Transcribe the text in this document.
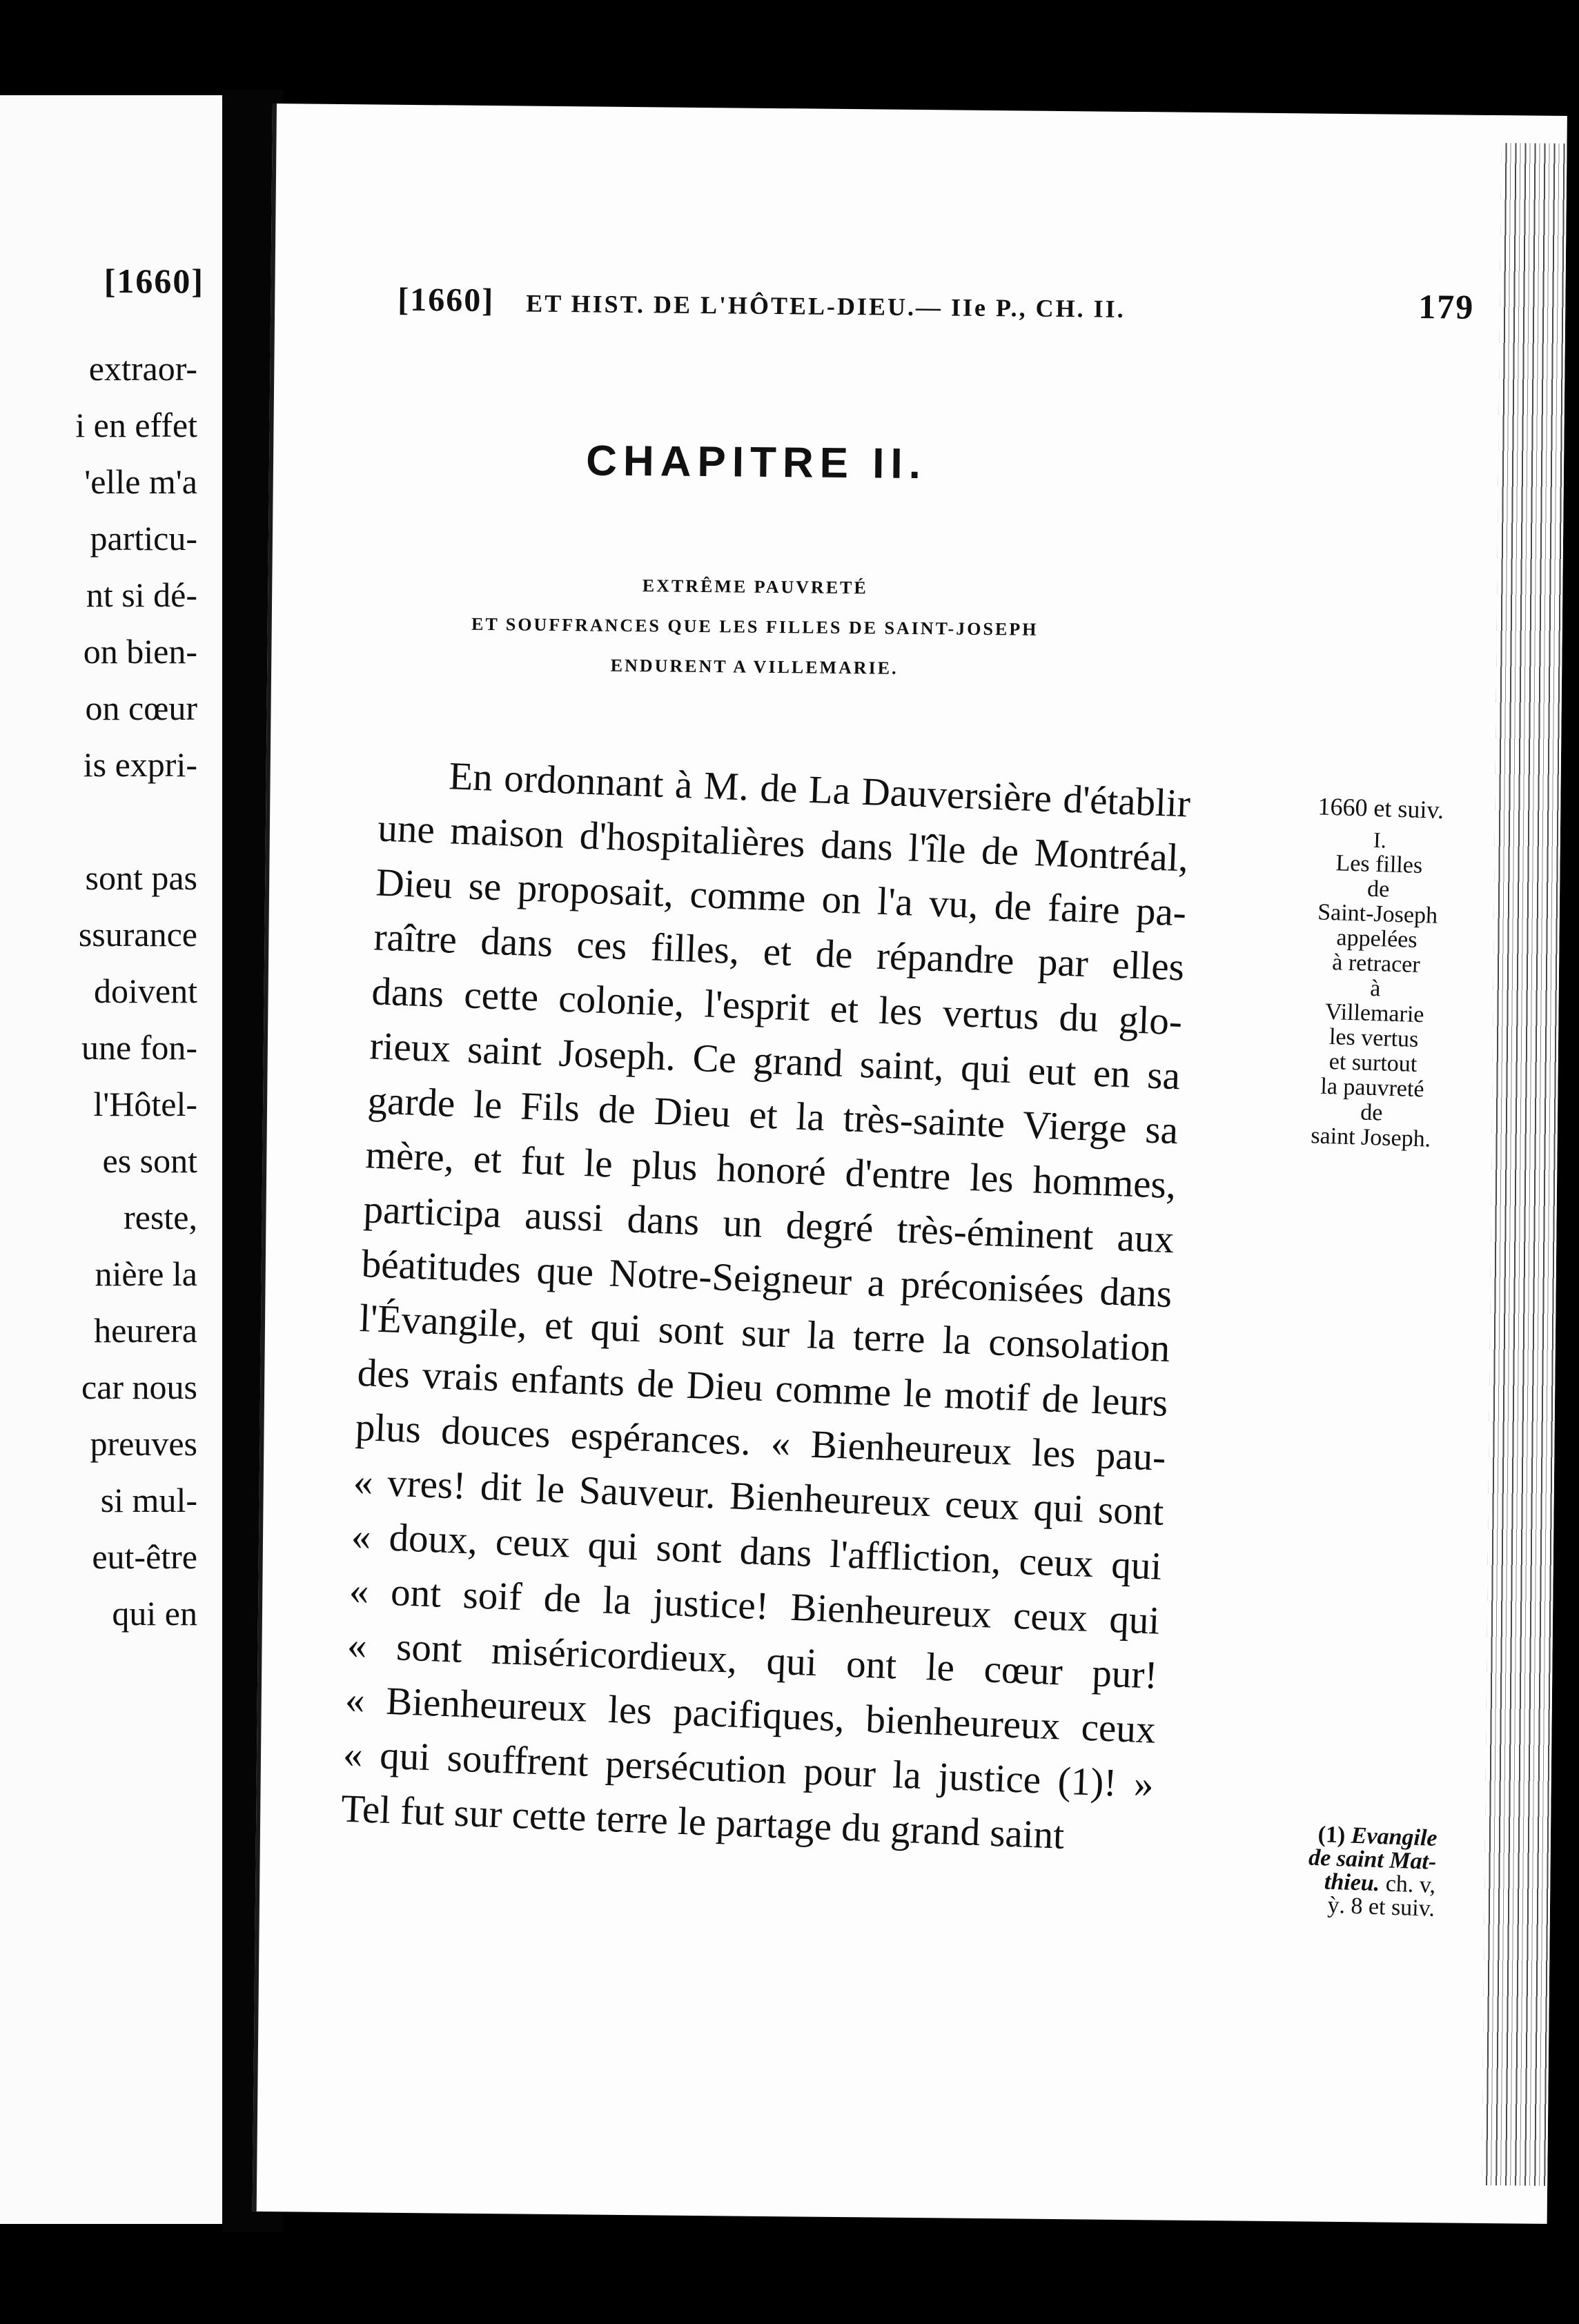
[1660]
extraor-
i en effet
'elle m'a
particu-
nt si dé-
on bien-
on cœur
is expri-

sont pas
ssurance
doivent
une fon-
l'Hôtel-
es sont
reste,
nière la
heurera
car nous
preuves
si mul-
eut-être
qui en
[1660] ET HIST. DE L'HÔTEL-DIEU.— IIe P., CH. II.	179
CHAPITRE II.
EXTRÊME PAUVRETÉ
ET SOUFFRANCES QUE LES FILLES DE SAINT-JOSEPH
ENDURENT A VILLEMARIE.
En ordonnant à M. de La Dauversière d'établir
une maison d'hospitalières dans l'île de Montréal,
Dieu se proposait, comme on l'a vu, de faire pa-
raître dans ces filles, et de répandre par elles
dans cette colonie, l'esprit et les vertus du glo-
rieux saint Joseph. Ce grand saint, qui eut en sa
garde le Fils de Dieu et la très-sainte Vierge sa
mère, et fut le plus honoré d'entre les hommes,
participa aussi dans un degré très-éminent aux
béatitudes que Notre-Seigneur a préconisées dans
l'Évangile, et qui sont sur la terre la consolation
des vrais enfants de Dieu comme le motif de leurs
plus douces espérances. « Bienheureux les pau-
« vres! dit le Sauveur. Bienheureux ceux qui sont
« doux, ceux qui sont dans l'affliction, ceux qui
« ont soif de la justice! Bienheureux ceux qui
« sont miséricordieux, qui ont le cœur pur!
« Bienheureux les pacifiques, bienheureux ceux
« qui souffrent persécution pour la justice (1)! »
Tel fut sur cette terre le partage du grand saint
1660 et suiv.
I.
Les filles
de
Saint-Joseph
appelées
à retracer
à
Villemarie
les vertus
et surtout
la pauvreté
de
saint Joseph.
(1) Evangile
de saint Mat-
thieu. ch. v,
ỳ. 8 et suiv.
